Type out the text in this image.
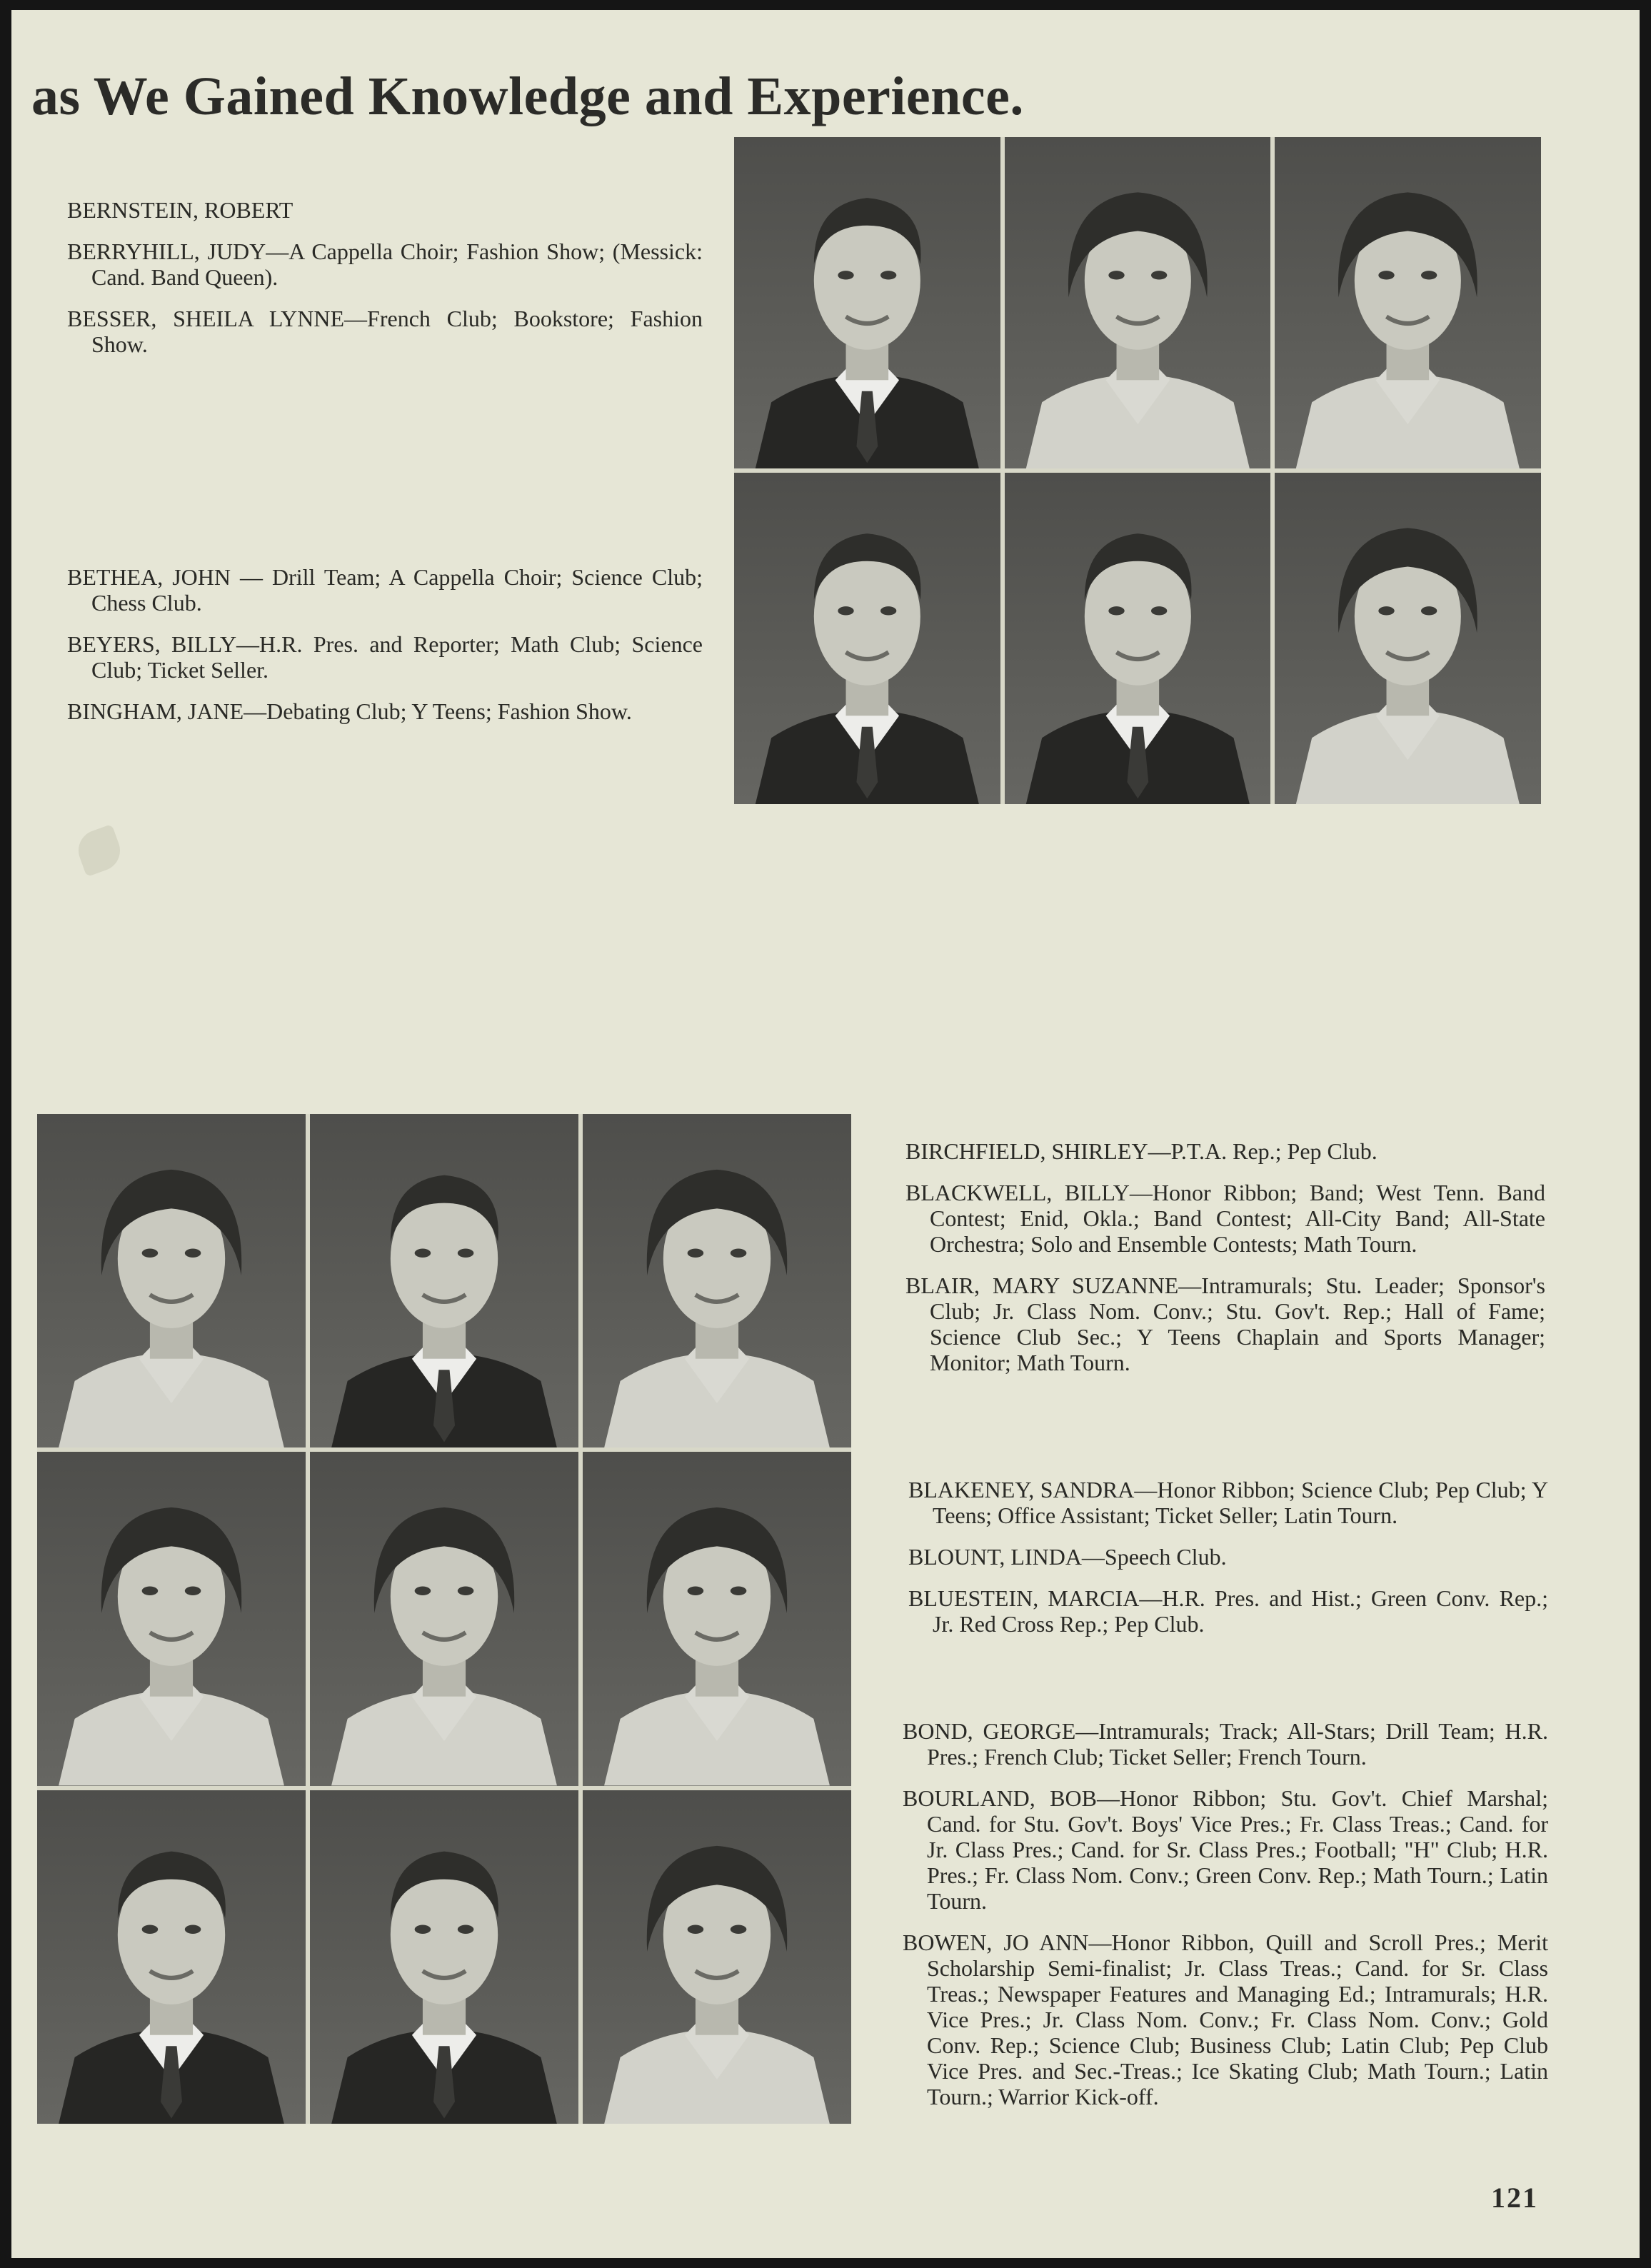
as We Gained Knowledge and Experience.

BERNSTEIN, ROBERT

BERRYHILL, JUDY—A Cappella Choir; Fashion Show; (Messick: Cand. Band Queen).

BESSER, SHEILA LYNNE—French Club; Bookstore; Fashion Show.

BETHEA, JOHN — Drill Team; A Cappella Choir; Science Club; Chess Club.

BEYERS, BILLY—H.R. Pres. and Reporter; Math Club; Science Club; Ticket Seller.

BINGHAM, JANE—Debating Club; Y Teens; Fashion Show.

BIRCHFIELD, SHIRLEY—P.T.A. Rep.; Pep Club.

BLACKWELL, BILLY—Honor Ribbon; Band; West Tenn. Band Contest; Enid, Okla.; Band Contest; All-City Band; All-State Orchestra; Solo and Ensemble Contests; Math Tourn.

BLAIR, MARY SUZANNE—Intramurals; Stu. Leader; Sponsor's Club; Jr. Class Nom. Conv.; Stu. Gov't. Rep.; Hall of Fame; Science Club Sec.; Y Teens Chaplain and Sports Manager; Monitor; Math Tourn.

BLAKENEY, SANDRA—Honor Ribbon; Science Club; Pep Club; Y Teens; Office Assistant; Ticket Seller; Latin Tourn.

BLOUNT, LINDA—Speech Club.

BLUESTEIN, MARCIA—H.R. Pres. and Hist.; Green Conv. Rep.; Jr. Red Cross Rep.; Pep Club.

BOND, GEORGE—Intramurals; Track; All-Stars; Drill Team; H.R. Pres.; French Club; Ticket Seller; French Tourn.

BOURLAND, BOB—Honor Ribbon; Stu. Gov't. Chief Marshal; Cand. for Stu. Gov't. Boys' Vice Pres.; Fr. Class Treas.; Cand. for Jr. Class Pres.; Cand. for Sr. Class Pres.; Football; "H" Club; H.R. Pres.; Fr. Class Nom. Conv.; Green Conv. Rep.; Math Tourn.; Latin Tourn.

BOWEN, JO ANN—Honor Ribbon, Quill and Scroll Pres.; Merit Scholarship Semi-finalist; Jr. Class Treas.; Cand. for Sr. Class Treas.; Newspaper Features and Managing Ed.; Intramurals; H.R. Vice Pres.; Jr. Class Nom. Conv.; Fr. Class Nom. Conv.; Gold Conv. Rep.; Science Club; Business Club; Latin Club; Pep Club Vice Pres. and Sec.-Treas.; Ice Skating Club; Math Tourn.; Latin Tourn.; Warrior Kick-off.

121
